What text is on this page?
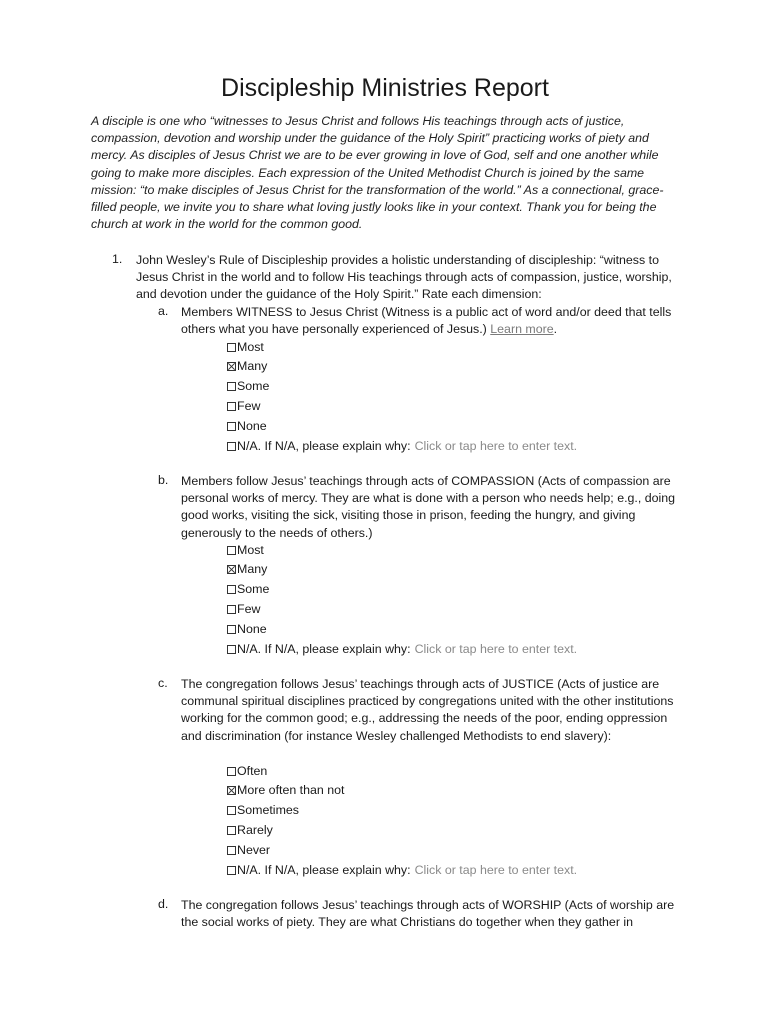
Discipleship Ministries Report
A disciple is one who “witnesses to Jesus Christ and follows His teachings through acts of justice, compassion, devotion and worship under the guidance of the Holy Spirit” practicing works of piety and mercy. As disciples of Jesus Christ we are to be ever growing in love of God, self and one another while going to make more disciples. Each expression of the United Methodist Church is joined by the same mission: “to make disciples of Jesus Christ for the transformation of the world.” As a connectional, grace-filled people, we invite you to share what loving justly looks like in your context. Thank you for being the church at work in the world for the common good.
1. John Wesley’s Rule of Discipleship provides a holistic understanding of discipleship: “witness to Jesus Christ in the world and to follow His teachings through acts of compassion, justice, worship, and devotion under the guidance of the Holy Spirit.” Rate each dimension:
a. Members WITNESS to Jesus Christ (Witness is a public act of word and/or deed that tells others what you have personally experienced of Jesus.) Learn more.
Most
Many
Some
Few
None
N/A. If N/A, please explain why: Click or tap here to enter text.
b. Members follow Jesus’ teachings through acts of COMPASSION (Acts of compassion are personal works of mercy. They are what is done with a person who needs help; e.g., doing good works, visiting the sick, visiting those in prison, feeding the hungry, and giving generously to the needs of others.)
Most
Many
Some
Few
None
N/A. If N/A, please explain why: Click or tap here to enter text.
c. The congregation follows Jesus’ teachings through acts of JUSTICE (Acts of justice are communal spiritual disciplines practiced by congregations united with the other institutions working for the common good; e.g., addressing the needs of the poor, ending oppression and discrimination (for instance Wesley challenged Methodists to end slavery):
Often
More often than not
Sometimes
Rarely
Never
N/A. If N/A, please explain why: Click or tap here to enter text.
d. The congregation follows Jesus’ teachings through acts of WORSHIP (Acts of worship are the social works of piety. They are what Christians do together when they gather in
